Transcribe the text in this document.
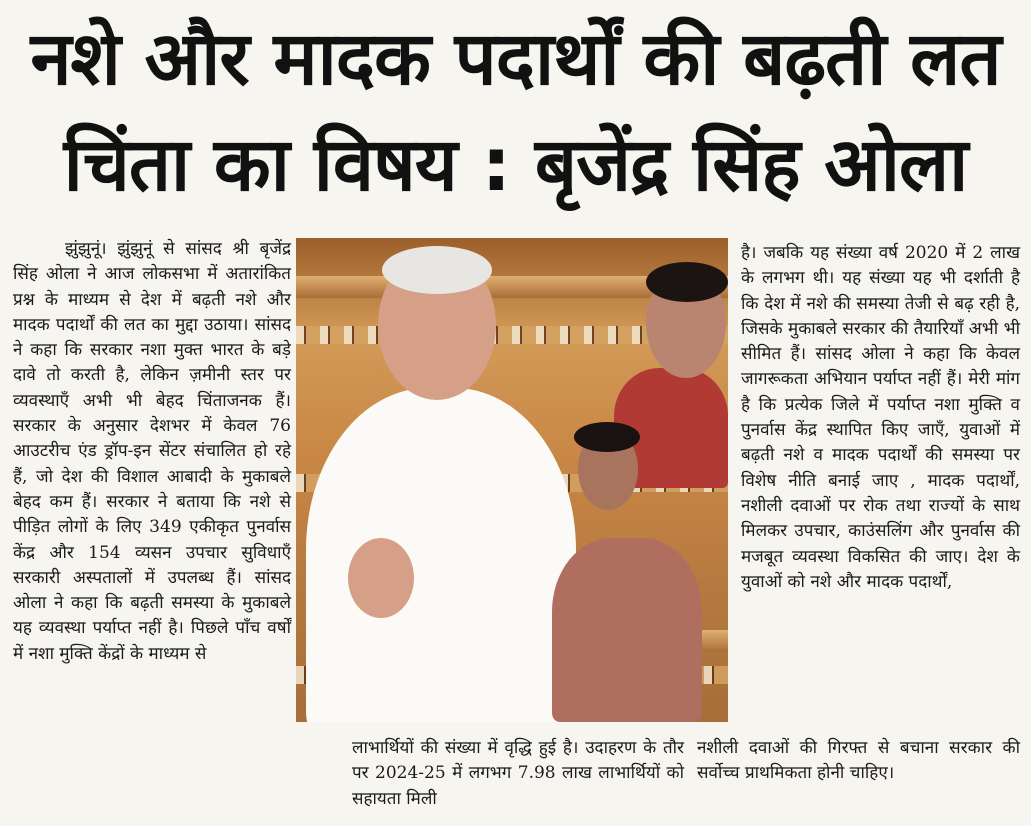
नशे और मादक पदार्थों की बढ़ती लत
चिंता का विषय : बृजेंद्र सिंह ओला
झुंझुनूं। झुंझुनूं से सांसद श्री बृजेंद्र सिंह ओला ने आज लोकसभा में अतारांकित प्रश्न के माध्यम से देश में बढ़ती नशे और मादक पदार्थों की लत का मुद्दा उठाया। सांसद ने कहा कि सरकार नशा मुक्त भारत के बड़े दावे तो करती है, लेकिन ज़मीनी स्तर पर व्यवस्थाएँ अभी भी बेहद चिंताजनक हैं। सरकार के अनुसार देशभर में केवल 76 आउटरीच एंड ड्रॉप-इन सेंटर संचालित हो रहे हैं, जो देश की विशाल आबादी के मुकाबले बेहद कम हैं। सरकार ने बताया कि नशे से पीड़ित लोगों के लिए 349 एकीकृत पुनर्वास केंद्र और 154 व्यसन उपचार सुविधाएँ सरकारी अस्पतालों में उपलब्ध हैं। सांसद ओला ने कहा कि बढ़ती समस्या के मुकाबले यह व्यवस्था पर्याप्त नहीं है। पिछले पाँच वर्षों में नशा मुक्ति केंद्रों के माध्यम से
लाभार्थियों की संख्या में वृद्धि हुई है। उदाहरण के तौर पर 2024-25 में लगभग 7.98 लाख लाभार्थियों को सहायता मिली
है। जबकि यह संख्या वर्ष 2020 में 2 लाख के लगभग थी। यह संख्या यह भी दर्शाती है कि देश में नशे की समस्या तेजी से बढ़ रही है, जिसके मुकाबले सरकार की तैयारियाँ अभी भी सीमित हैं। सांसद ओला ने कहा कि केवल जागरूकता अभियान पर्याप्त नहीं हैं। मेरी मांग है कि प्रत्येक जिले में पर्याप्त नशा मुक्ति व पुनर्वास केंद्र स्थापित किए जाएँ, युवाओं में बढ़ती नशे व मादक पदार्थों की समस्या पर विशेष नीति बनाई जाए , मादक पदार्थों, नशीली दवाओं पर रोक तथा राज्यों के साथ मिलकर उपचार, काउंसलिंग और पुनर्वास की मजबूत व्यवस्था विकसित की जाए। देश के युवाओं को नशे और मादक पदार्थों,
नशीली दवाओं की गिरफ्त से बचाना सरकार की सर्वोच्च प्राथमिकता होनी चाहिए।
